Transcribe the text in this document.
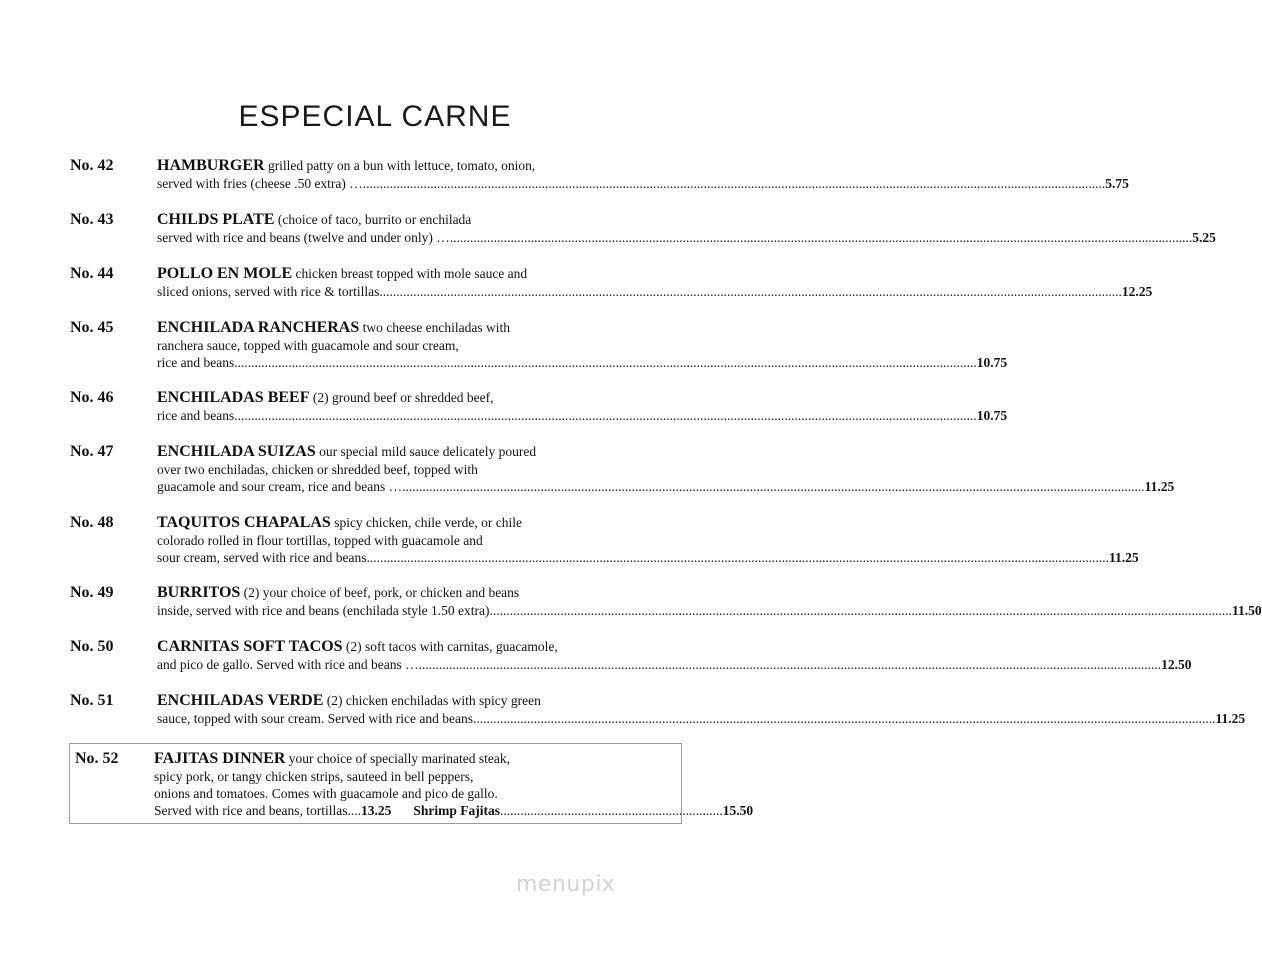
ESPECIAL CARNE
No. 42	HAMBURGER grilled patty on a bun with lettuce, tomato, onion,
served with fries (cheese .50 extra) … ............................................................................................................................................................................................................................ 5.75
No. 43	CHILDS PLATE (choice of taco, burrito or enchilada
served with rice and beans (twelve and under only) … ............................................................................................................................................................................................................................ 5.25
No. 44	POLLO EN MOLE chicken breast topped with mole sauce and
sliced onions, served with rice & tortillas ............................................................................................................................................................................................................................ 12.25
No. 45	ENCHILADA RANCHERAS two cheese enchiladas with
ranchera sauce, topped with guacamole and sour cream,
rice and beans ............................................................................................................................................................................................................................ 10.75
No. 46	ENCHILADAS BEEF (2) ground beef or shredded beef,
rice and beans ............................................................................................................................................................................................................................ 10.75
No. 47	ENCHILADA SUIZAS our special mild sauce delicately poured
over two enchiladas, chicken or shredded beef, topped with
guacamole and sour cream, rice and beans … ............................................................................................................................................................................................................................ 11.25
No. 48	TAQUITOS CHAPALAS spicy chicken, chile verde, or chile
colorado rolled in flour tortillas, topped with guacamole and
sour cream, served with rice and beans ............................................................................................................................................................................................................................ 11.25
No. 49	BURRITOS (2) your choice of beef, pork, or chicken and beans
inside, served with rice and beans (enchilada style 1.50 extra) ............................................................................................................................................................................................................................ 11.50
No. 50	CARNITAS SOFT TACOS (2) soft tacos with carnitas, guacamole,
and pico de gallo. Served with rice and beans … ............................................................................................................................................................................................................................ 12.50
No. 51	ENCHILADAS VERDE (2) chicken enchiladas with spicy green
sauce, topped with sour cream. Served with rice and beans ............................................................................................................................................................................................................................ 11.25
No. 52 FAJITAS DINNER your choice of specially marinated steak,
spicy pork, or tangy chicken strips, sauteed in bell peppers,
onions and tomatoes. Comes with guacamole and pico de gallo.
Served with rice and beans, tortillas.... 13.25 Shrimp Fajitas .................................................................. 15.50
menupix
